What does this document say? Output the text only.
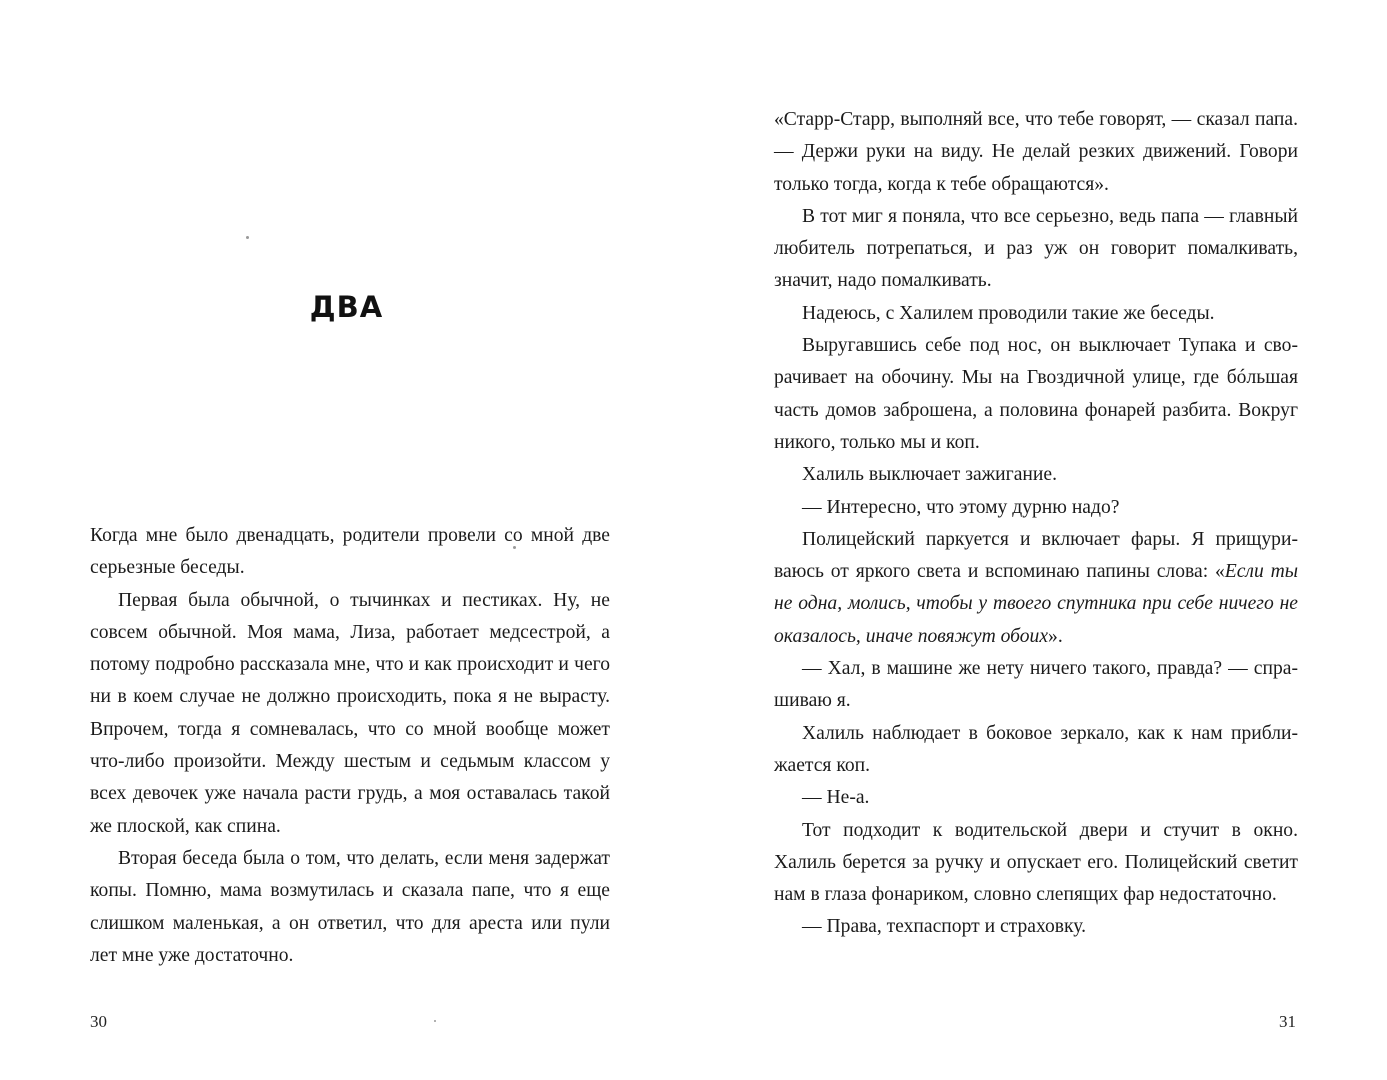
ДВА

Когда мне было двенадцать, родители провели со мной две серьезные беседы.

Первая была обычной, о тычинках и пестиках. Ну, не совсем обычной. Моя мама, Лиза, работает медсестрой, а потому подробно рассказала мне, что и как происходит и чего ни в коем случае не должно происходить, пока я не вырасту. Впрочем, тогда я сомневалась, что со мной вообще может что-либо произойти. Между шестым и седьмым классом у всех девочек уже начала расти грудь, а моя оставалась такой же плоской, как спина.

Вторая беседа была о том, что делать, если меня задержат копы. Помню, мама возмутилась и сказала папе, что я еще слишком маленькая, а он ответил, что для ареста или пули лет мне уже достаточно.

30

«Старр-Старр, выполняй все, что тебе говорят, — сказал папа. — Держи руки на виду. Не делай резких движений. Говори только тогда, когда к тебе обращаются».

В тот миг я поняла, что все серьезно, ведь папа — главный любитель потрепаться, и раз уж он говорит помалкивать, значит, надо помалкивать.

Надеюсь, с Халилем проводили такие же беседы.

Выругавшись себе под нос, он выключает Тупака и сворачивает на обочину. Мы на Гвоздичной улице, где бóльшая часть домов заброшена, а половина фонарей разбита. Вокруг никого, только мы и коп.

Халиль выключает зажигание.

— Интересно, что этому дурню надо?

Полицейский паркуется и включает фары. Я прищуриваюсь от яркого света и вспоминаю папины слова: «Если ты не одна, молись, чтобы у твоего спутника при себе ничего не оказалось, иначе повяжут обоих».

— Хал, в машине же нету ничего такого, правда? — спрашиваю я.

Халиль наблюдает в боковое зеркало, как к нам приближается коп.

— Не-а.

Тот подходит к водительской двери и стучит в окно. Халиль берется за ручку и опускает его. Полицейский светит нам в глаза фонариком, словно слепящих фар недостаточно.

— Права, техпаспорт и страховку.

31
